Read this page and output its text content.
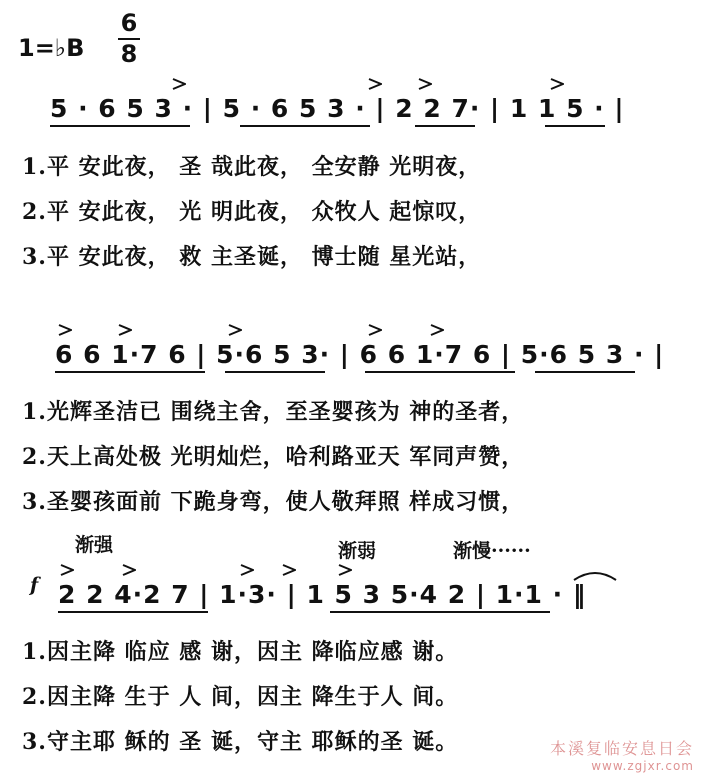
1=♭B
6
8
5 · 6 5 3 · | 5 · 6 5 3 · | 2 2 7· | 1 1 5 · |
1.平 安此夜， 圣 哉此夜， 全安静 光明夜，
2.平 安此夜， 光 明此夜， 众牧人 起惊叹，
3.平 安此夜， 救 主圣诞， 博士随 星光站，
6 6 1·7 6 | 5·6 5 3· | 6 6 1·7 6 | 5·6 5 3 · |
1.光辉圣洁已 围绕主舍，至圣婴孩为 神的圣者，
2.天上高处极 光明灿烂，哈利路亚天 军同声赞，
3.圣婴孩面前 下跪身弯，使人敬拜照 样成习惯，
渐强	渐弱	渐慢······
f 2 2 4·2 7 | 1·3· | 1 5 3 5·4 2 | 1·1 · ‖
1.因主降 临应 感 谢，因主 降临应感 谢。
2.因主降 生于 人 间，因主 降生于人 间。
3.守主耶 稣的 圣 诞，守主 耶稣的圣 诞。	本溪复临安息日会
www.zgjxr.com
